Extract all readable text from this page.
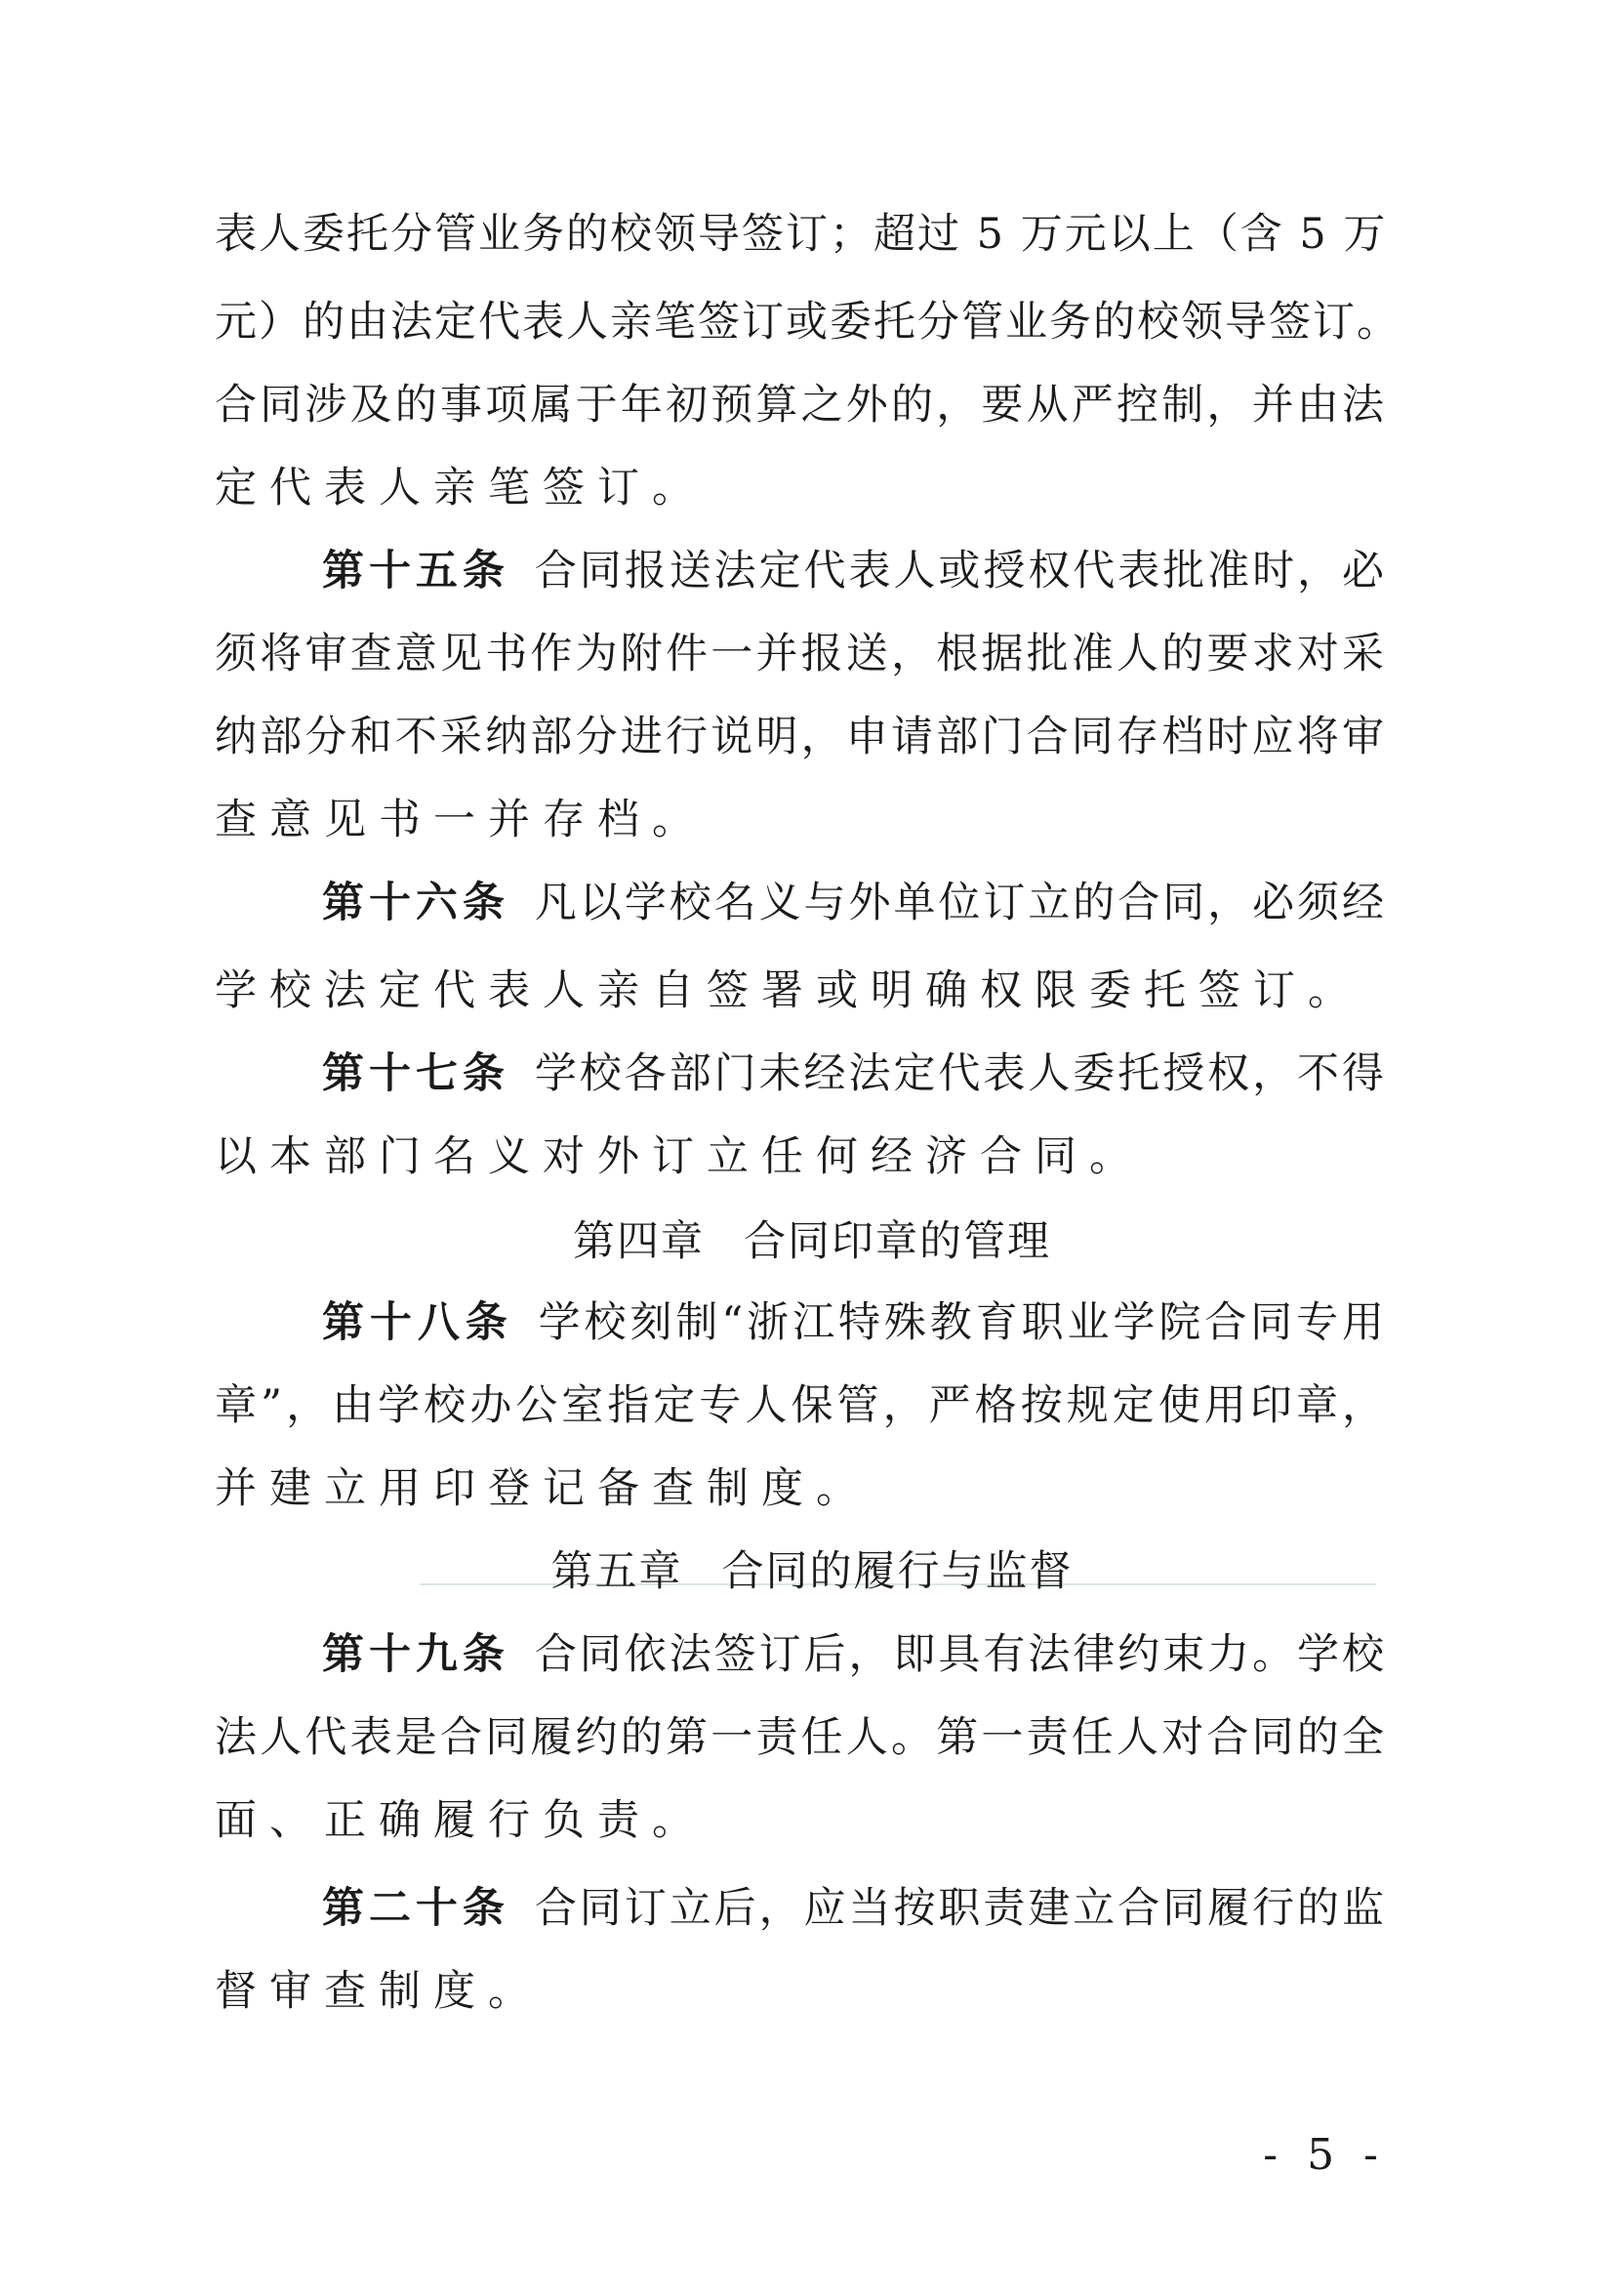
表人委托分管业务的校领导签订；超过 5 万元以上（含 5 万
元）的由法定代表人亲笔签订或委托分管业务的校领导签订。
合同涉及的事项属于年初预算之外的，要从严控制，并由法
定代表人亲笔签订。
第十五条 合同报送法定代表人或授权代表批准时，必
须将审查意见书作为附件一并报送，根据批准人的要求对采
纳部分和不采纳部分进行说明，申请部门合同存档时应将审
查意见书一并存档。
第十六条 凡以学校名义与外单位订立的合同，必须经
学校法定代表人亲自签署或明确权限委托签订。
第十七条 学校各部门未经法定代表人委托授权，不得
以本部门名义对外订立任何经济合同。
第四章 合同印章的管理
第十八条 学校刻制“浙江特殊教育职业学院合同专用
章”，由学校办公室指定专人保管，严格按规定使用印章，
并建立用印登记备查制度。
第五章 合同的履行与监督
第十九条 合同依法签订后，即具有法律约束力。学校
法人代表是合同履约的第一责任人。第一责任人对合同的全
面、正确履行负责。
第二十条 合同订立后，应当按职责建立合同履行的监
督审查制度。
- 5 -
